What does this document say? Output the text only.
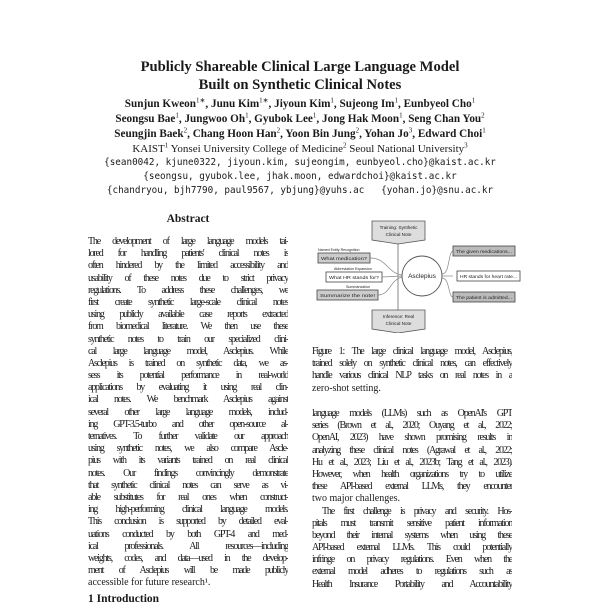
Publicly Shareable Clinical Large Language Model
Built on Synthetic Clinical Notes
Sunjun Kweon$^{1∗}$, Junu Kim$^{1∗}$, Jiyoun Kim$^1$, Sujeong Im$^1$, Eunbyeol Cho$^1$
Seongsu Bae$^1$, Jungwoo Oh$^1$, Gyubok Lee$^1$, Jong Hak Moon$^1$, Seng Chan You$^2$
Seungjin Baek$^2$, Chang Hoon Han$^2$, Yoon Bin Jung$^2$, Yohan Jo$^3$, Edward Choi$^1$
KAIST$^1$ Yonsei University College of Medicine$^2$ Seoul National University$^3$
{sean0042, kjune0322, jiyoun.kim, sujeongim, eunbyeol.cho}@kaist.ac.kr
{seongsu, gyubok.lee, jhak.moon, edwardchoi}@kaist.ac.kr
{chandryou, bjh7790, paul9567, ybjung}@yuhs.ac   {yohan.jo}@snu.ac.kr
Abstract
The development of large language models tai-
lored for handling patients' clinical notes is
often hindered by the limited accessibility and
usability of these notes due to strict privacy
regulations. To address these challenges, we
first create synthetic large-scale clinical notes
using publicly available case reports extracted
from biomedical literature. We then use these
synthetic notes to train our specialized clini-
cal large language model, Asclepius. While
Asclepius is trained on synthetic data, we as-
sess its potential performance in real-world
applications by evaluating it using real clin-
ical notes. We benchmark Asclepius against
several other large language models, includ-
ing GPT-3.5-turbo and other open-source al-
ternatives. To further validate our approach
using synthetic notes, we also compare Ascle-
pius with its variants trained on real clinical
notes. Our findings convincingly demonstrate
that synthetic clinical notes can serve as vi-
able substitutes for real ones when construct-
ing high-performing clinical language models.
This conclusion is supported by detailed eval-
uations conducted by both GPT-4 and med-
ical professionals. All resources—including
weights, codes, and data—used in the develop-
ment of Asclepius will be made publicly
accessible for future research¹.
1 Introduction
Training: Synthetic
Clinical Note
Inference: Real
Clinical Note
Asclepius
Named Entity Recognition
What medication?
Abbreviation Expansion
What HR stands for?
Summarization
Summarize the note!
The given medications...
HR stands for heart rate...
The patient is admitted...
Figure 1: The large clinical language model, Asclepius,
trained solely on synthetic clinical notes, can effectively
handle various clinical NLP tasks on real notes in a
zero-shot setting.
language models (LLMs) such as OpenAI's GPT
series (Brown et al., 2020; Ouyang et al., 2022;
OpenAI, 2023) have shown promising results in
analyzing these clinical notes (Agrawal et al., 2022;
Hu et al., 2023; Liu et al., 2023b; Tang et al., 2023).
However, when health organizations try to utilize
these API-based external LLMs, they encounter
two major challenges.
The first challenge is privacy and security. Hos-
pitals must transmit sensitive patient information
beyond their internal systems when using these
API-based external LLMs. This could potentially
infringe on privacy regulations. Even when the
external model adheres to regulations such as
Health Insurance Portability and Accountability
